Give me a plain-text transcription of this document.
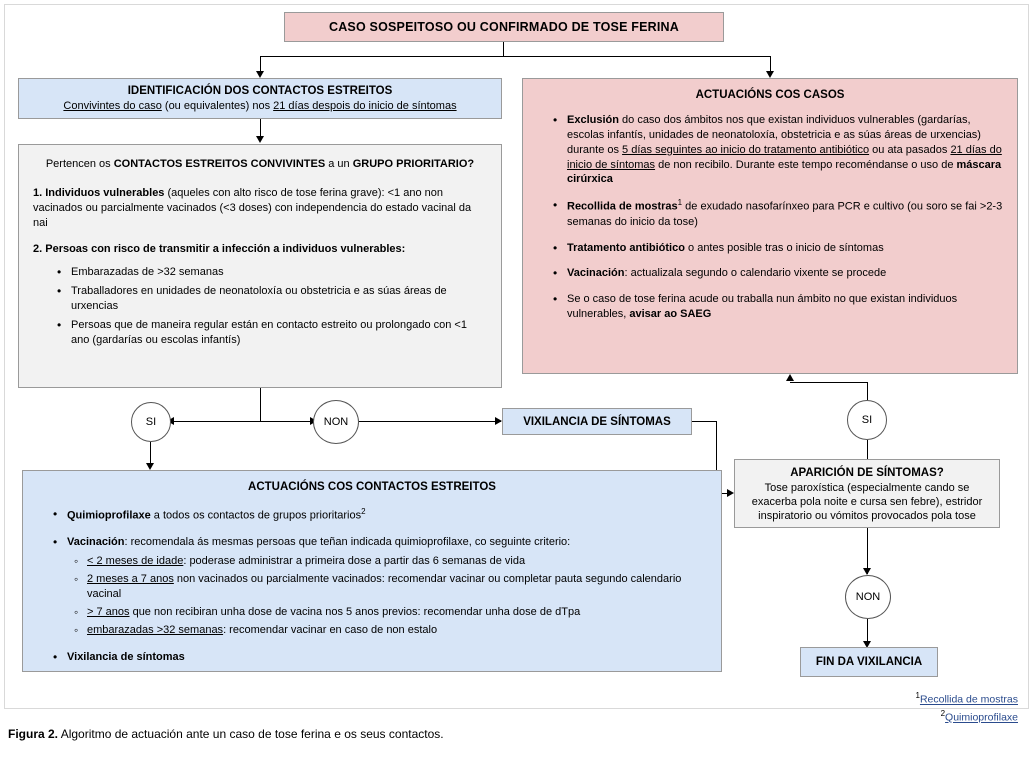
CASO SOSPEITOSO OU CONFIRMADO DE TOSE FERINA
IDENTIFICACIÓN DOS CONTACTOS ESTREITOS
Convivintes do caso (ou equivalentes) nos 21 días despois do inicio de síntomas
Pertencen os CONTACTOS ESTREITOS CONVIVINTES a un GRUPO PRIORITARIO?
1. Individuos vulnerables (aqueles con alto risco de tose ferina grave): <1 ano non vacinados ou parcialmente vacinados (<3 doses) con independencia do estado vacinal da nai
2. Persoas con risco de transmitir a infección a individuos vulnerables:
• Embarazadas de >32 semanas
• Traballadores en unidades de neonatoloxía ou obstetricia e as súas áreas de urxencias
• Persoas que de maneira regular están en contacto estreito ou prolongado con <1 ano (gardarías ou escolas infantís)
ACTUACIÓNS COS CASOS
• Exclusión do caso dos ámbitos nos que existan individuos vulnerables (gardarías, escolas infantís, unidades de neonatoloxía, obstetricia e as súas áreas de urxencias) durante os 5 días seguintes ao inicio do tratamento antibiótico ou ata pasados 21 días do inicio de síntomas de non recibilo. Durante este tempo recoméndanse o uso de máscara cirúrxica
• Recollida de mostras$^1$ de exudado nasofarínxeo para PCR e cultivo (ou soro se fai >2-3 semanas do inicio da tose)
• Tratamento antibiótico o antes posible tras o inicio de síntomas
• Vacinación: actualizala segundo o calendario vixente se procede
• Se o caso de tose ferina acude ou traballa nun ámbito no que existan individuos vulnerables, avisar ao SAEG
SI	NON	VIXILANCIA DE SÍNTOMAS
ACTUACIÓNS COS CONTACTOS ESTREITOS
• Quimioprofilaxe a todos os contactos de grupos prioritarios$^2$
• Vacinación: recomendala ás mesmas persoas que teñan indicada quimioprofilaxe, co seguinte criterio:
◦ < 2 meses de idade: poderase administrar a primeira dose a partir das 6 semanas de vida
◦ 2 meses a 7 anos non vacinados ou parcialmente vacinados: recomendar vacinar ou completar pauta segundo calendario vacinal
◦ > 7 anos que non recibiran unha dose de vacina nos 5 anos previos: recomendar unha dose de dTpa
◦ embarazadas >32 semanas: recomendar vacinar en caso de non estalo
• Vixilancia de síntomas
APARICIÓN DE SÍNTOMAS?
Tose paroxística (especialmente cando se exacerba pola noite e cursa sen febre), estridor inspiratorio ou vómitos provocados pola tose
SI
NON
FIN DA VIXILANCIA
$^1$Recollida de mostras
$^2$Quimioprofilaxe
Figura 2. Algoritmo de actuación ante un caso de tose ferina e os seus contactos.
